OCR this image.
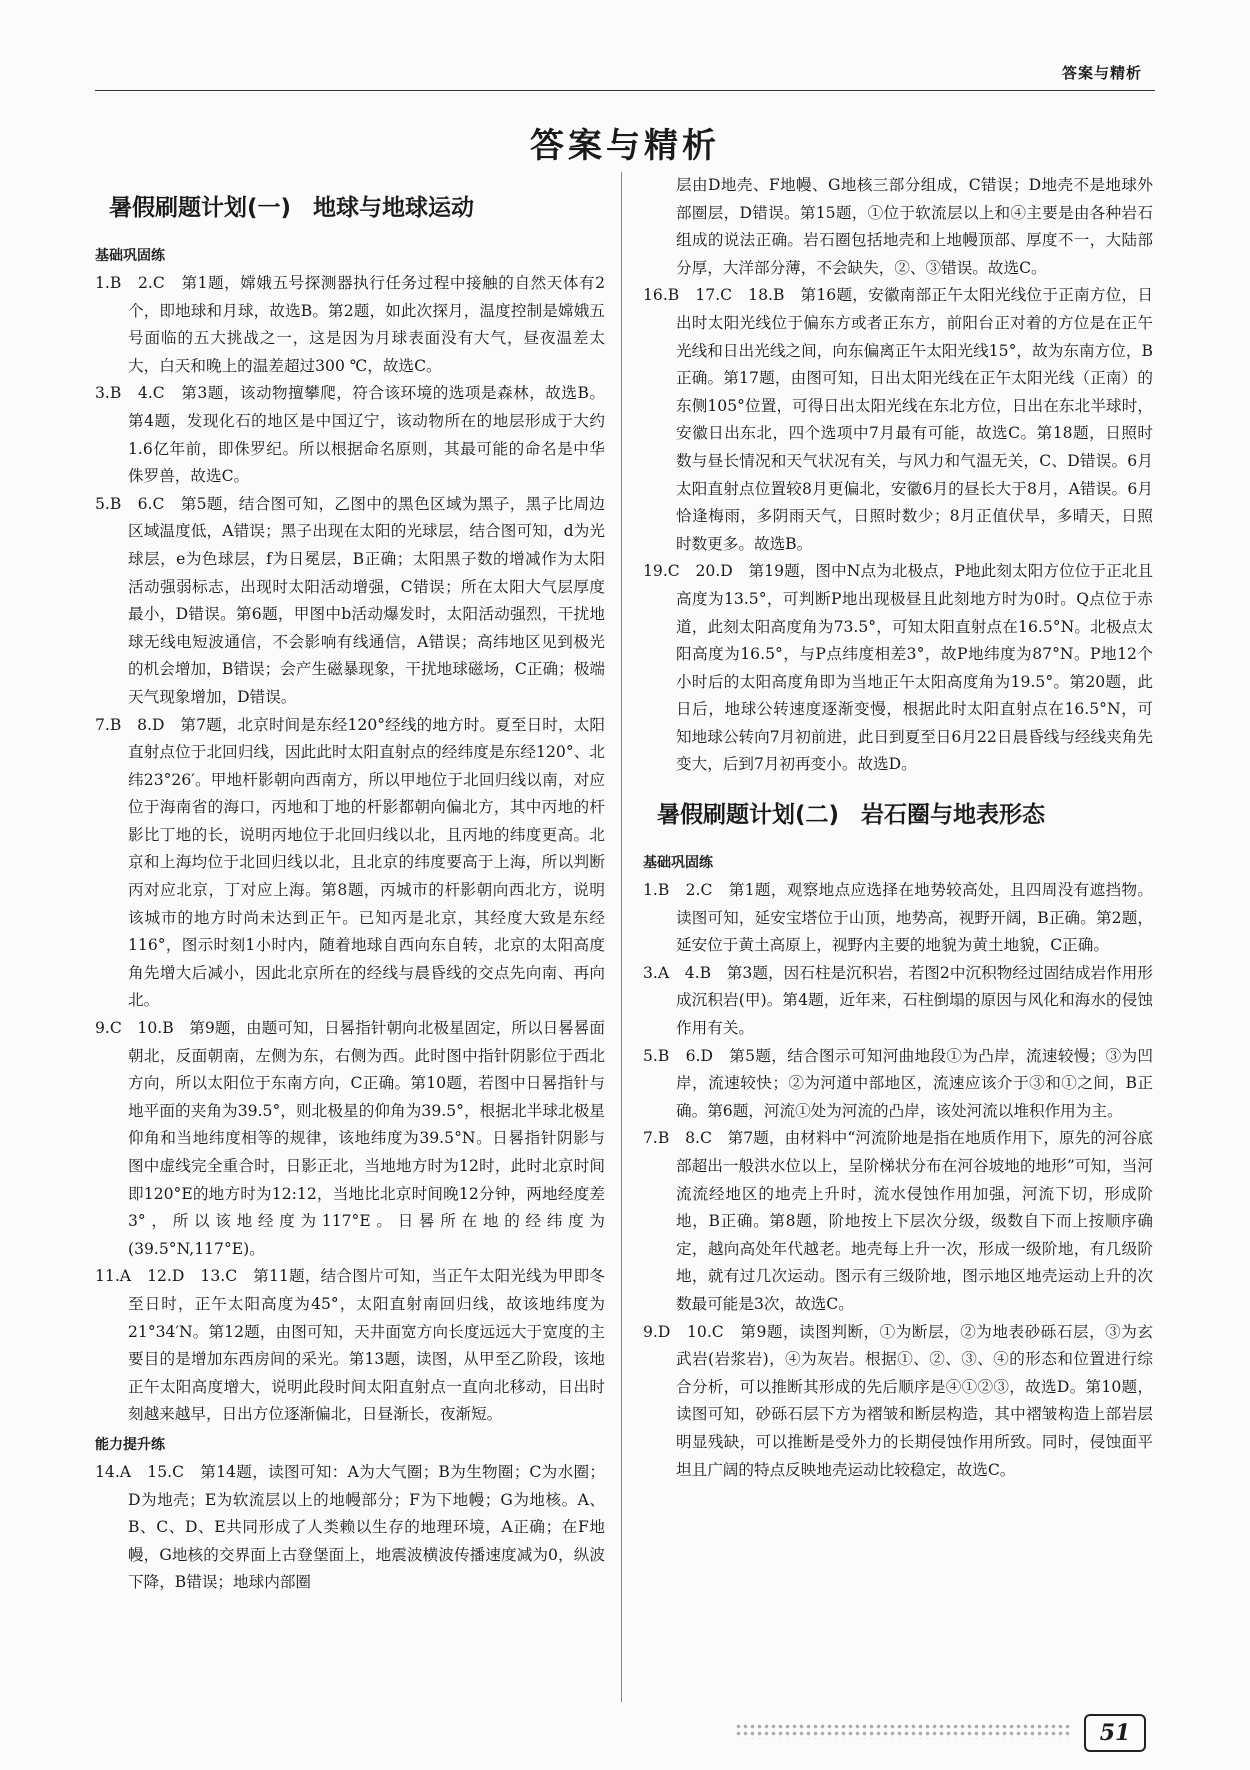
答案与精析
答案与精析
暑假刷题计划(一) 地球与地球运动
基础巩固练

1.B　2.C　第1题，嫦娥五号探测器执行任务过程中接触的自然天体有2个，即地球和月球，故选B。第2题，如此次探月，温度控制是嫦娥五号面临的五大挑战之一，这是因为月球表面没有大气，昼夜温差太大，白天和晚上的温差超过300 ℃，故选C。

3.B　4.C　第3题，该动物擅攀爬，符合该环境的选项是森林，故选B。第4题，发现化石的地区是中国辽宁，该动物所在的地层形成于大约1.6亿年前，即侏罗纪。所以根据命名原则，其最可能的命名是中华侏罗兽，故选C。

5.B　6.C　第5题，结合图可知，乙图中的黑色区域为黑子，黑子比周边区域温度低，A错误；黑子出现在太阳的光球层，结合图可知，d为光球层，e为色球层，f为日冕层，B正确；太阳黑子数的增减作为太阳活动强弱标志，出现时太阳活动增强，C错误；所在太阳大气层厚度最小，D错误。第6题，甲图中b活动爆发时，太阳活动强烈，干扰地球无线电短波通信，不会影响有线通信，A错误；高纬地区见到极光的机会增加，B错误；会产生磁暴现象，干扰地球磁场，C正确；极端天气现象增加，D错误。

7.B　8.D　第7题，北京时间是东经120°经线的地方时。夏至日时，太阳直射点位于北回归线，因此此时太阳直射点的经纬度是东经120°、北纬23°26′。甲地杆影朝向西南方，所以甲地位于北回归线以南，对应位于海南省的海口，丙地和丁地的杆影都朝向偏北方，其中丙地的杆影比丁地的长，说明丙地位于北回归线以北，且丙地的纬度更高。北京和上海均位于北回归线以北，且北京的纬度要高于上海，所以判断丙对应北京，丁对应上海。第8题，丙城市的杆影朝向西北方，说明该城市的地方时尚未达到正午。已知丙是北京，其经度大致是东经116°，图示时刻1小时内，随着地球自西向东自转，北京的太阳高度角先增大后减小，因此北京所在的经线与晨昏线的交点先向南、再向北。

9.C　10.B　第9题，由题可知，日晷指针朝向北极星固定，所以日晷晷面朝北，反面朝南，左侧为东，右侧为西。此时图中指针阴影位于西北方向，所以太阳位于东南方向，C正确。第10题，若图中日晷指针与地平面的夹角为39.5°，则北极星的仰角为39.5°，根据北半球北极星仰角和当地纬度相等的规律，该地纬度为39.5°N。日晷指针阴影与图中虚线完全重合时，日影正北，当地地方时为12时，此时北京时间即120°E的地方时为12:12，当地比北京时间晚12分钟，两地经度差3°，所以该地经度为117°E。日晷所在地的经纬度为(39.5°N,117°E)。

11.A　12.D　13.C　第11题，结合图片可知，当正午太阳光线为甲即冬至日时，正午太阳高度为45°，太阳直射南回归线，故该地纬度为21°34′N。第12题，由图可知，天井面宽方向长度远远大于宽度的主要目的是增加东西房间的采光。第13题，读图，从甲至乙阶段，该地正午太阳高度增大，说明此段时间太阳直射点一直向北移动，日出时刻越来越早，日出方位逐渐偏北，日昼渐长，夜渐短。

能力提升练

14.A　15.C　第14题，读图可知：A为大气圈；B为生物圈；C为水圈；D为地壳；E为软流层以上的地幔部分；F为下地幔；G为地核。A、B、C、D、E共同形成了人类赖以生存的地理环境，A正确；在F地幔，G地核的交界面上古登堡面上，地震波横波传播速度减为0，纵波下降，B错误；地球内部圈

层由D地壳、F地幔、G地核三部分组成，C错误；D地壳不是地球外部圈层，D错误。第15题，①位于软流层以上和④主要是由各种岩石组成的说法正确。岩石圈包括地壳和上地幔顶部、厚度不一，大陆部分厚，大洋部分薄，不会缺失，②、③错误。故选C。

16.B　17.C　18.B　第16题，安徽南部正午太阳光线位于正南方位，日出时太阳光线位于偏东方或者正东方，前阳台正对着的方位是在正午光线和日出光线之间，向东偏离正午太阳光线15°，故为东南方位，B正确。第17题，由图可知，日出太阳光线在正午太阳光线（正南）的东侧105°位置，可得日出太阳光线在东北方位，日出在东北半球时，安徽日出东北，四个选项中7月最有可能，故选C。第18题，日照时数与昼长情况和天气状况有关，与风力和气温无关，C、D错误。6月太阳直射点位置较8月更偏北，安徽6月的昼长大于8月，A错误。6月恰逢梅雨，多阴雨天气，日照时数少；8月正值伏旱，多晴天，日照时数更多。故选B。

19.C　20.D　第19题，图中N点为北极点，P地此刻太阳方位位于正北且高度为13.5°，可判断P地出现极昼且此刻地方时为0时。Q点位于赤道，此刻太阳高度角为73.5°，可知太阳直射点在16.5°N。北极点太阳高度为16.5°，与P点纬度相差3°，故P地纬度为87°N。P地12个小时后的太阳高度角即为当地正午太阳高度角为19.5°。第20题，此日后，地球公转速度逐渐变慢，根据此时太阳直射点在16.5°N，可知地球公转向7月初前进，此日到夏至日6月22日晨昏线与经线夹角先变大，后到7月初再变小。故选D。

暑假刷题计划(二) 岩石圈与地表形态
基础巩固练

1.B　2.C　第1题，观察地点应选择在地势较高处，且四周没有遮挡物。读图可知，延安宝塔位于山顶，地势高，视野开阔，B正确。第2题，延安位于黄土高原上，视野内主要的地貌为黄土地貌，C正确。

3.A　4.B　第3题，因石柱是沉积岩，若图2中沉积物经过固结成岩作用形成沉积岩(甲)。第4题，近年来，石柱倒塌的原因与风化和海水的侵蚀作用有关。

5.B　6.D　第5题，结合图示可知河曲地段①为凸岸，流速较慢；③为凹岸，流速较快；②为河道中部地区，流速应该介于③和①之间，B正确。第6题，河流①处为河流的凸岸，该处河流以堆积作用为主。

7.B　8.C　第7题，由材料中“河流阶地是指在地质作用下，原先的河谷底部超出一般洪水位以上，呈阶梯状分布在河谷坡地的地形”可知，当河流流经地区的地壳上升时，流水侵蚀作用加强，河流下切，形成阶地，B正确。第8题，阶地按上下层次分级，级数自下而上按顺序确定，越向高处年代越老。地壳每上升一次，形成一级阶地，有几级阶地，就有过几次运动。图示有三级阶地，图示地区地壳运动上升的次数最可能是3次，故选C。

9.D　10.C　第9题，读图判断，①为断层，②为地表砂砾石层，③为玄武岩(岩浆岩)，④为灰岩。根据①、②、③、④的形态和位置进行综合分析，可以推断其形成的先后顺序是④①②③，故选D。第10题，读图可知，砂砾石层下方为褶皱和断层构造，其中褶皱构造上部岩层明显残缺，可以推断是受外力的长期侵蚀作用所致。同时，侵蚀面平坦且广阔的特点反映地壳运动比较稳定，故选C。

51
